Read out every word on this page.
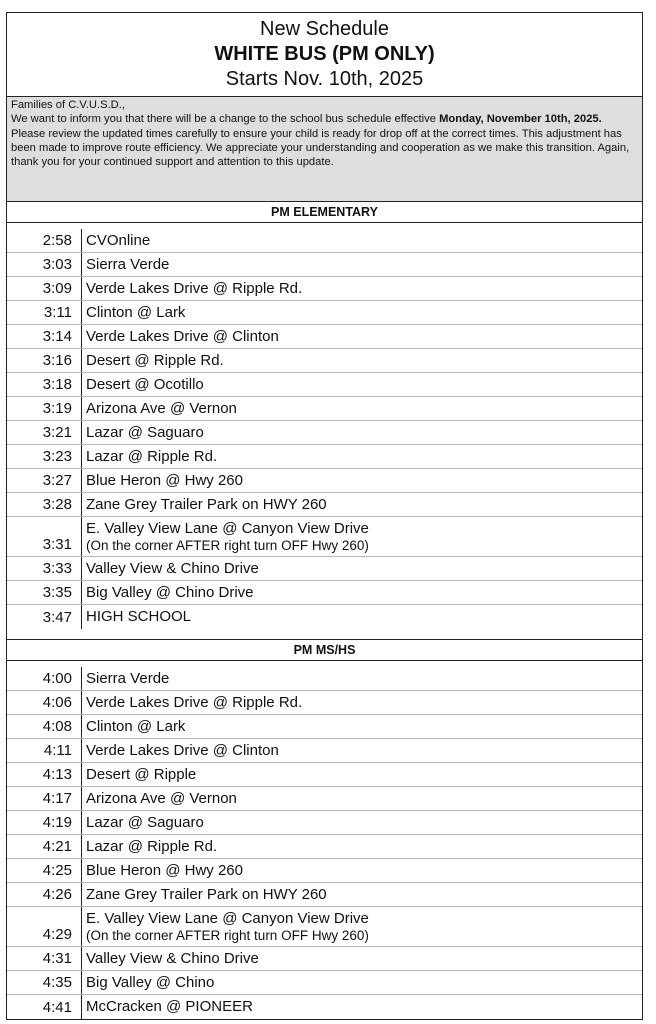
New Schedule
WHITE BUS (PM ONLY)
Starts Nov. 10th, 2025
Families of C.V.U.S.D.,
We want to inform you that there will be a change to the school bus schedule effective Monday, November 10th, 2025. Please review the updated times carefully to ensure your child is ready for drop off at the correct times. This adjustment has been made to improve route efficiency. We appreciate your understanding and cooperation as we make this transition. Again, thank you for your continued support and attention to this update.
PM ELEMENTARY
2:58 CVOnline
3:03 Sierra Verde
3:09 Verde Lakes Drive @ Ripple Rd.
3:11 Clinton @ Lark
3:14 Verde Lakes Drive @ Clinton
3:16 Desert @ Ripple Rd.
3:18 Desert @ Ocotillo
3:19 Arizona Ave @ Vernon
3:21 Lazar @ Saguaro
3:23 Lazar @ Ripple Rd.
3:27 Blue Heron @ Hwy 260
3:28 Zane Grey Trailer Park on HWY 260
3:31
E. Valley View Lane @ Canyon View Drive
(On the corner AFTER right turn OFF Hwy 260)
3:33 Valley View & Chino Drive
3:35 Big Valley @ Chino Drive
3:47 HIGH SCHOOL
PM MS/HS
4:00 Sierra Verde
4:06 Verde Lakes Drive @ Ripple Rd.
4:08 Clinton @ Lark
4:11 Verde Lakes Drive @ Clinton
4:13 Desert @ Ripple
4:17 Arizona Ave @ Vernon
4:19 Lazar @ Saguaro
4:21 Lazar @ Ripple Rd.
4:25 Blue Heron @ Hwy 260
4:26 Zane Grey Trailer Park on HWY 260
4:29
E. Valley View Lane @ Canyon View Drive
(On the corner AFTER right turn OFF Hwy 260)
4:31 Valley View & Chino Drive
4:35 Big Valley @ Chino
4:41 McCracken @ PIONEER
